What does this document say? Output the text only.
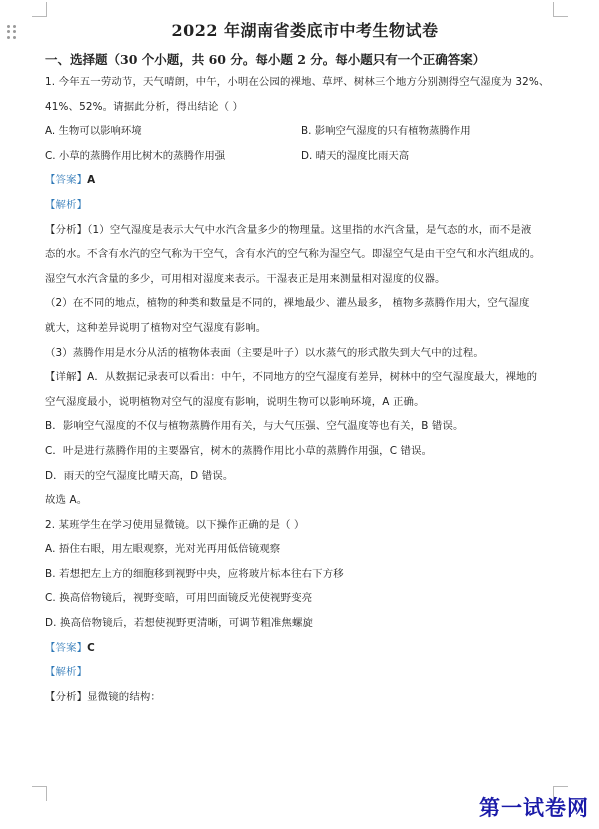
2022 年湖南省娄底市中考生物试卷
一、选择题（30 个小题，共 60 分。每小题 2 分。每小题只有一个正确答案）
1. 今年五一劳动节，天气晴朗，中午，小明在公园的裸地、草坪、树林三个地方分别测得空气湿度为 32%、
41%、52%。请据此分析，得出结论（ ）
A. 生物可以影响环境	B. 影响空气湿度的只有植物蒸腾作用
C. 小草的蒸腾作用比树木的蒸腾作用强	D. 晴天的湿度比雨天高
【答案】A
【解析】
【分析】（1）空气湿度是表示大气中水汽含量多少的物理量。这里指的水汽含量，是气态的水，而不是液
态的水。不含有水汽的空气称为干空气，含有水汽的空气称为湿空气。即湿空气是由干空气和水汽组成的。
湿空气水汽含量的多少，可用相对湿度来表示。干湿表正是用来测量相对湿度的仪器。
（2）在不同的地点，植物的种类和数量是不同的，裸地最少、灌丛最多， 植物多蒸腾作用大，空气湿度
就大，这种差异说明了植物对空气湿度有影响。
（3）蒸腾作用是水分从活的植物体表面（主要是叶子）以水蒸气的形式散失到大气中的过程。
【详解】A．从数据记录表可以看出：中午，不同地方的空气湿度有差异，树林中的空气湿度最大，裸地的
空气湿度最小，说明植物对空气的湿度有影响，说明生物可以影响环境，A 正确。
B．影响空气湿度的不仅与植物蒸腾作用有关，与大气压强、空气温度等也有关，B 错误。
C．叶是进行蒸腾作用的主要器官，树木的蒸腾作用比小草的蒸腾作用强，C 错误。
D．雨天的空气湿度比晴天高，D 错误。
故选 A。
2. 某班学生在学习使用显微镜。以下操作正确的是（ ）
A. 捂住右眼，用左眼观察，光对光再用低倍镜观察
B. 若想把左上方的细胞移到视野中央，应将玻片标本往右下方移
C. 换高倍物镜后，视野变暗，可用凹面镜反光使视野变亮
D. 换高倍物镜后，若想使视野更清晰，可调节粗准焦螺旋
【答案】C
【解析】
【分析】显微镜的结构：
第一试卷网
